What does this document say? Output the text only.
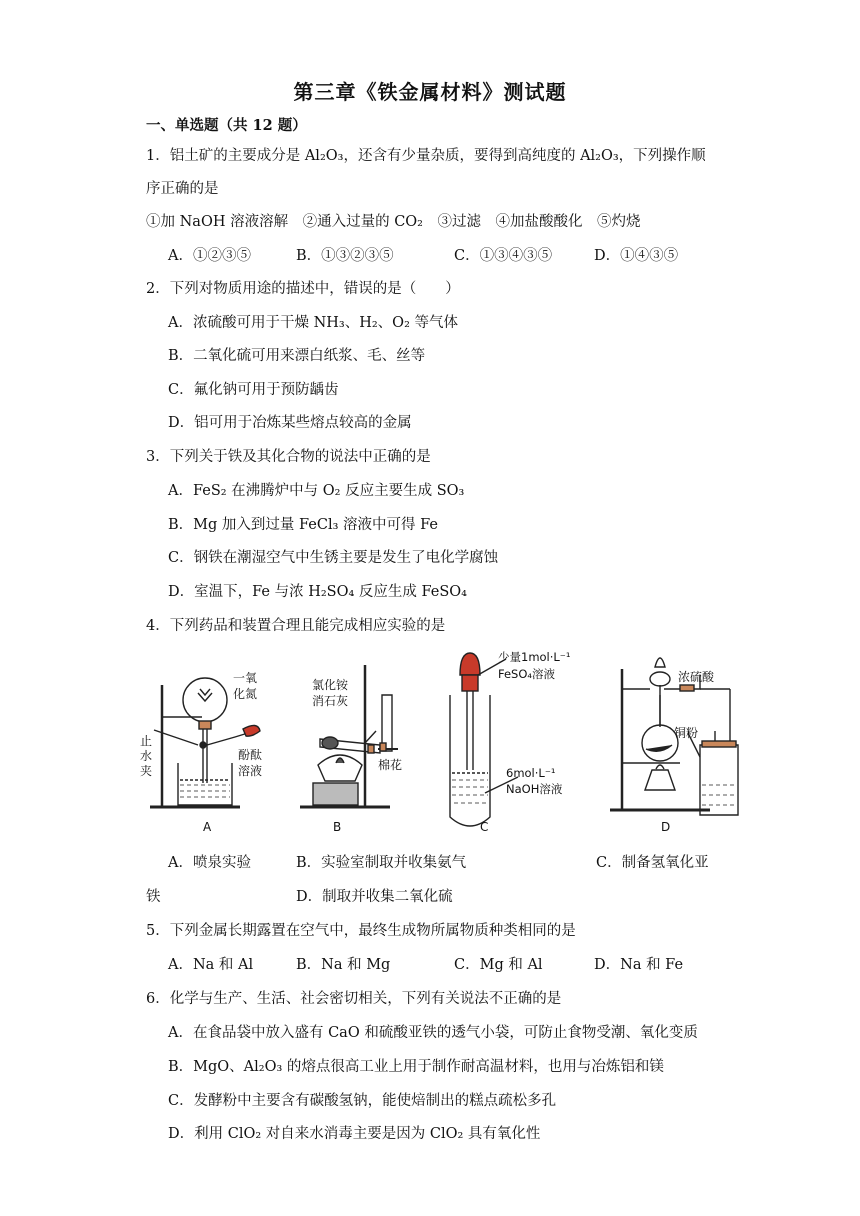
第三章《铁金属材料》测试题
一、单选题（共 12 题）
1．铝土矿的主要成分是 Al₂O₃，还含有少量杂质，要得到高纯度的 Al₂O₃，下列操作顺
序正确的是
①加 NaOH 溶液溶解　②通入过量的 CO₂　③过滤　④加盐酸酸化　⑤灼烧
A．①②③⑤	B．①③②③⑤	C．①③④③⑤	D．①④③⑤
2．下列对物质用途的描述中，错误的是（　　）
A．浓硫酸可用于干燥 NH₃、H₂、O₂ 等气体
B．二氧化硫可用来漂白纸浆、毛、丝等
C．氟化钠可用于预防龋齿
D．铝可用于冶炼某些熔点较高的金属
3．下列关于铁及其化合物的说法中正确的是
A．FeS₂ 在沸腾炉中与 O₂ 反应主要生成 SO₃
B．Mg 加入到过量 FeCl₃ 溶液中可得 Fe
C．钢铁在潮湿空气中生锈主要是发生了电化学腐蚀
D．室温下，Fe 与浓 H₂SO₄ 反应生成 FeSO₄
4．下列药品和装置合理且能完成相应实验的是
一氧
化氮
止
水
夹
酚酞
溶液
氯化铵
消石灰
棉花
少量1mol·L⁻¹
FeSO₄溶液
6mol·L⁻¹
NaOH溶液
浓硫酸
铜粉
A	B	C	D
A．喷泉实验	B．实验室制取并收集氨气	C．制备氢氧化亚
铁	D．制取并收集二氧化硫
5．下列金属长期露置在空气中，最终生成物所属物质种类相同的是
A．Na 和 Al	B．Na 和 Mg	C．Mg 和 Al	D．Na 和 Fe
6．化学与生产、生活、社会密切相关，下列有关说法不正确的是
A．在食品袋中放入盛有 CaO 和硫酸亚铁的透气小袋，可防止食物受潮、氧化变质
B．MgO、Al₂O₃ 的熔点很高工业上用于制作耐高温材料，也用与冶炼铝和镁
C．发酵粉中主要含有碳酸氢钠，能使焙制出的糕点疏松多孔
D．利用 ClO₂ 对自来水消毒主要是因为 ClO₂ 具有氧化性
